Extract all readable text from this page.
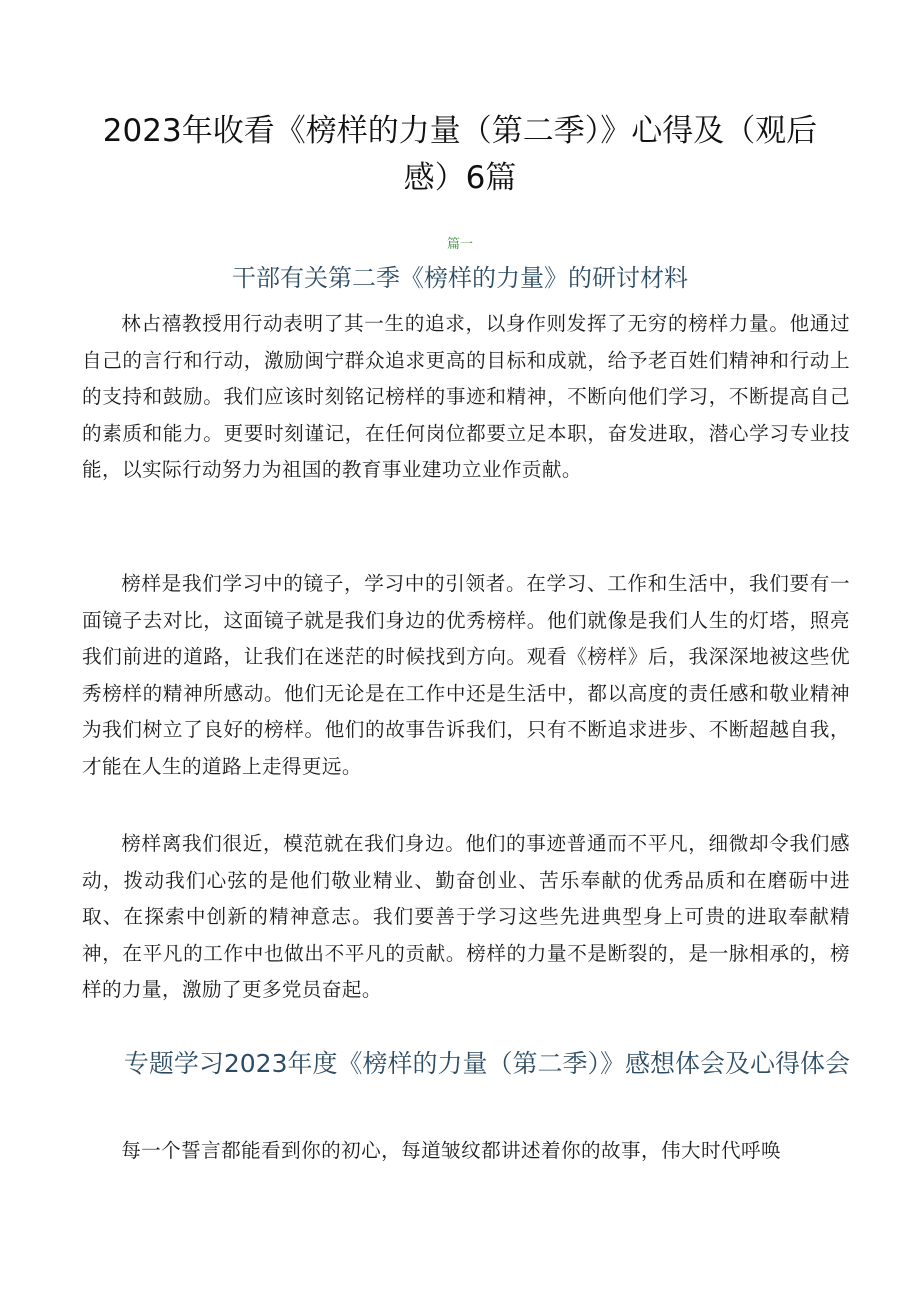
2023年收看《榜样的力量（第二季）》心得及（观后感）6篇
篇一
干部有关第二季《榜样的力量》的研讨材料

林占禧教授用行动表明了其一生的追求，以身作则发挥了无穷的榜样力量。他通过自己的言行和行动，激励闽宁群众追求更高的目标和成就，给予老百姓们精神和行动上的支持和鼓励。我们应该时刻铭记榜样的事迹和精神，不断向他们学习，不断提高自己的素质和能力。更要时刻谨记，在任何岗位都要立足本职，奋发进取，潜心学习专业技能，以实际行动努力为祖国的教育事业建功立业作贡献。

榜样是我们学习中的镜子，学习中的引领者。在学习、工作和生活中，我们要有一面镜子去对比，这面镜子就是我们身边的优秀榜样。他们就像是我们人生的灯塔，照亮我们前进的道路，让我们在迷茫的时候找到方向。观看《榜样》后，我深深地被这些优秀榜样的精神所感动。他们无论是在工作中还是生活中，都以高度的责任感和敬业精神为我们树立了良好的榜样。他们的故事告诉我们，只有不断追求进步、不断超越自我，才能在人生的道路上走得更远。

榜样离我们很近，模范就在我们身边。他们的事迹普通而不平凡，细微却令我们感动，拨动我们心弦的是他们敬业精业、勤奋创业、苦乐奉献的优秀品质和在磨砺中进取、在探索中创新的精神意志。我们要善于学习这些先进典型身上可贵的进取奉献精神，在平凡的工作中也做出不平凡的贡献。榜样的力量不是断裂的，是一脉相承的，榜样的力量，激励了更多党员奋起。

专题学习2023年度《榜样的力量（第二季）》感想体会及心得体会

每一个誓言都能看到你的初心，每道皱纹都讲述着你的故事，伟大时代呼唤
